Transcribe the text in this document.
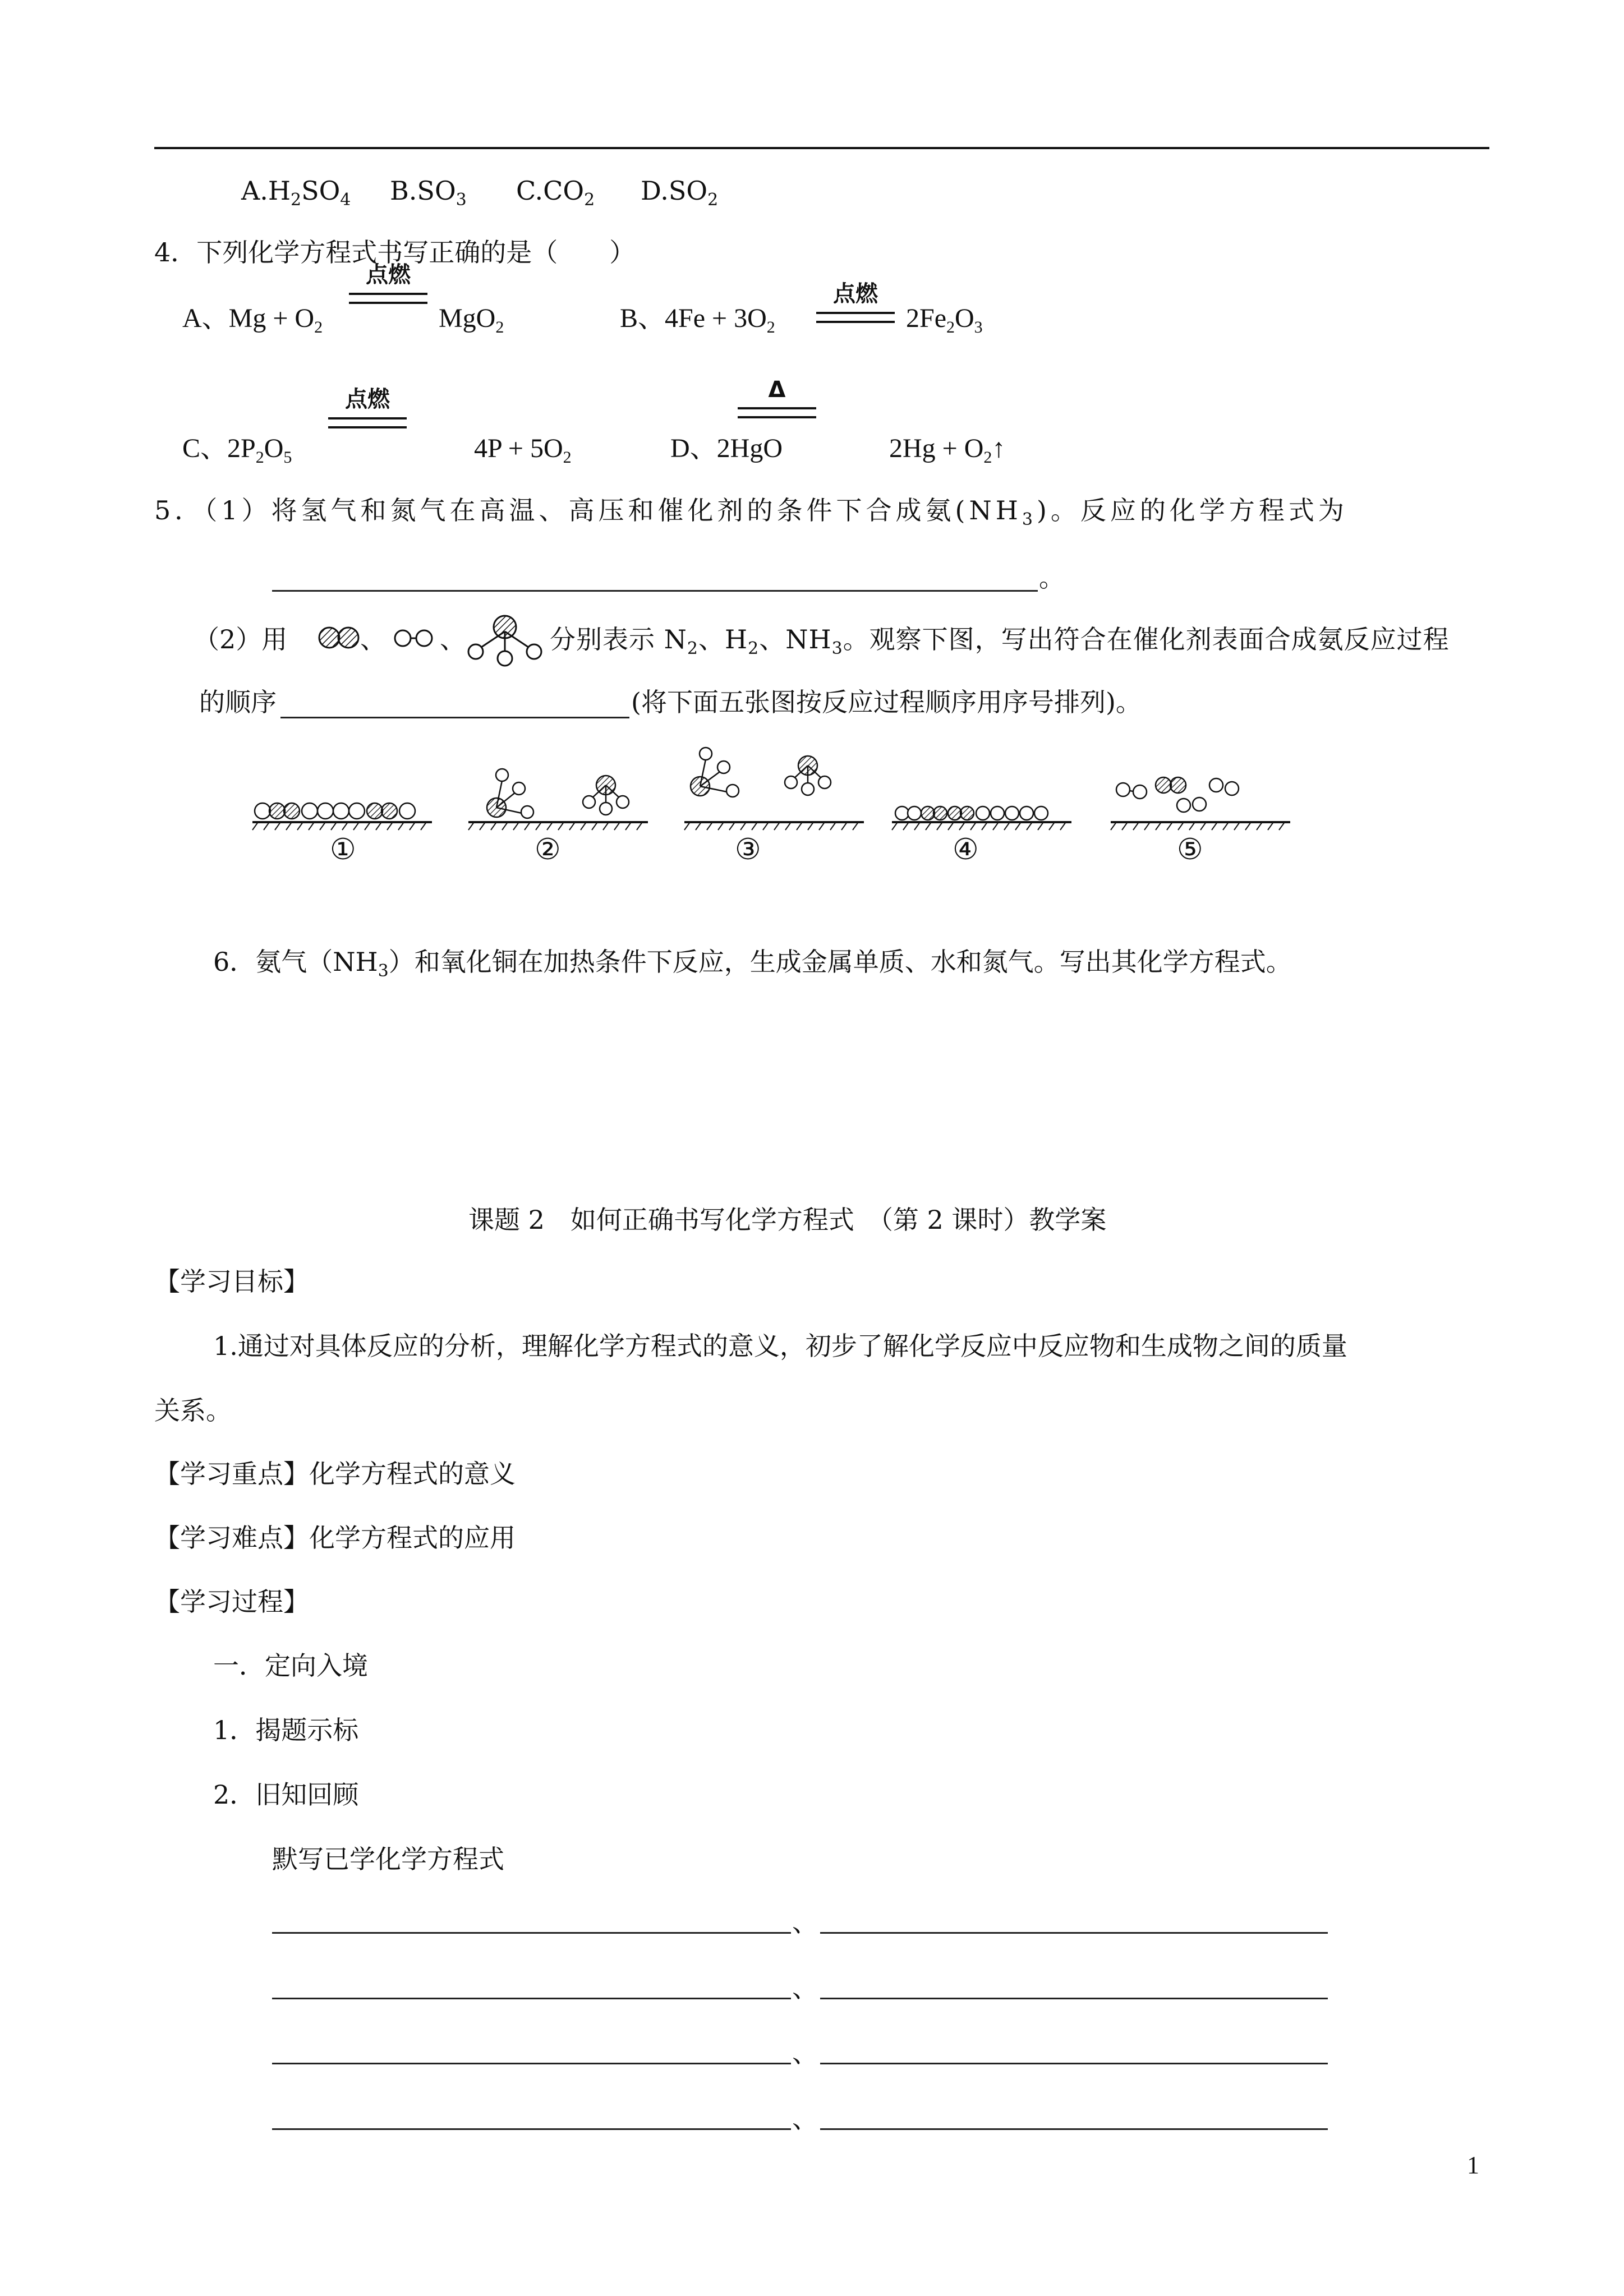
$A.H_2SO_4$ $B.SO_3$ $C.CO_2$ $D.SO_2$
4．下列化学方程式书写正确的是（　　）
A、$Mg + O_2$
点燃
MgO$_2$	B、$4Fe + 3O_2$
点燃
$2Fe_2O_3$
C、$2P_2O_5$
点燃
$4P + 5O_2$	D、2HgO
Δ
$2Hg + O_2↑$
5．（1）将氢气和氮气在高温、高压和催化剂的条件下合成氨$(NH_3)$。反应的化学方程式为
。
（2）用	、 、	分别表示 $N_2$、$H_2$、$NH_3$。观察下图，写出符合在催化剂表面合成氨反应过程
的顺序	(将下面五张图按反应过程顺序用序号排列)。
①	②	③	④	⑤
6．氨气$(NH_3)$和氧化铜在加热条件下反应，生成金属单质、水和氮气。写出其化学方程式。
课题 2　如何正确书写化学方程式　（第 2 课时）教学案
【学习目标】
1.通过对具体反应的分析，理解化学方程式的意义，初步了解化学反应中反应物和生成物之间的质量
关系。
【学习重点】化学方程式的意义
【学习难点】化学方程式的应用
【学习过程】
一．定向入境
1．揭题示标
2．旧知回顾
默写已学化学方程式
、
、
、
、
1
